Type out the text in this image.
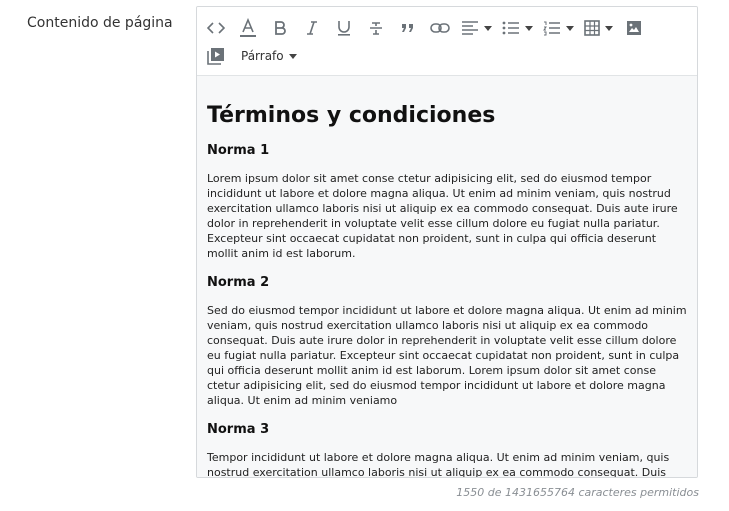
Contenido de página
Párrafo
Términos y condiciones
Norma 1

Lorem ipsum dolor sit amet conse ctetur adipisicing elit, sed do eiusmod tempor incididunt ut labore et dolore magna aliqua. Ut enim ad minim veniam, quis nostrud exercitation ullamco laboris nisi ut aliquip ex ea commodo consequat. Duis aute irure dolor in reprehenderit in voluptate velit esse cillum dolore eu fugiat nulla pariatur. Excepteur sint occaecat cupidatat non proident, sunt in culpa qui officia deserunt mollit anim id est laborum.

Norma 2

Sed do eiusmod tempor incididunt ut labore et dolore magna aliqua. Ut enim ad minim veniam, quis nostrud exercitation ullamco laboris nisi ut aliquip ex ea commodo consequat. Duis aute irure dolor in reprehenderit in voluptate velit esse cillum dolore eu fugiat nulla pariatur. Excepteur sint occaecat cupidatat non proident, sunt in culpa qui officia deserunt mollit anim id est laborum. Lorem ipsum dolor sit amet conse ctetur adipisicing elit, sed do eiusmod tempor incididunt ut labore et dolore magna aliqua. Ut enim ad minim veniamo

Norma 3

Tempor incididunt ut labore et dolore magna aliqua. Ut enim ad minim veniam, quis nostrud exercitation ullamco laboris nisi ut aliquip ex ea commodo consequat. Duis

1550 de 1431655764 caracteres permitidos
